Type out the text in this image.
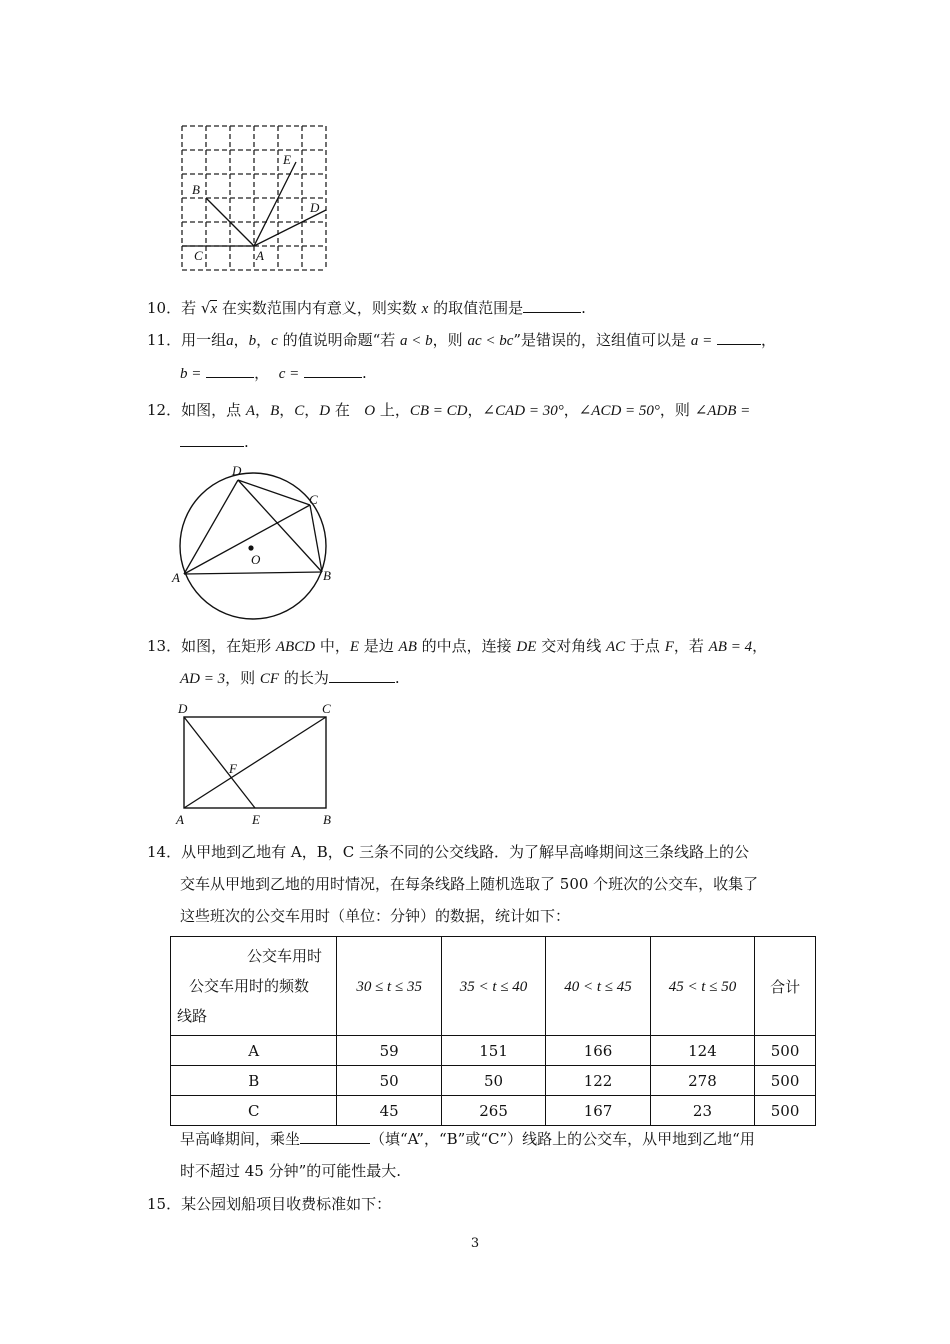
B
E
D
C	A
10．若 √x 在实数范围内有意义，则实数 x 的取值范围是	.
11．用一组a，b，c 的值说明命题“若 a < b，则 ac < bc”是错误的，这组值可以是 a =	，
b =	， c =	.
12．如图，点 A，B，C，D 在   O 上，CB = CD，∠CAD = 30°，∠ACD = 50°，则 ∠ADB =
.
D
C
O
A	B
13．如图，在矩形 ABCD 中，E 是边 AB 的中点，连接 DE 交对角线 AC 于点 F，若 AB = 4，
AD = 3，则 CF 的长为	.
D	C
F
A	E	B
14．从甲地到乙地有 A，B，C 三条不同的公交线路．为了解早高峰期间这三条线路上的公
交车从甲地到乙地的用时情况，在每条线路上随机选取了 500 个班次的公交车，收集了
这些班次的公交车用时（单位：分钟）的数据，统计如下：
公交车用时
公交车用时的频数
线路	30 ≤ t ≤ 35	35 < t ≤ 40	40 < t ≤ 45	45 < t ≤ 50	合计
A	59	151	166	124	500
B	50	50	122	278	500
C	45	265	167	23	500
早高峰期间，乘坐	（填“A”，“B”或“C”）线路上的公交车，从甲地到乙地“用
时不超过 45 分钟”的可能性最大.
15．某公园划船项目收费标准如下：
3
